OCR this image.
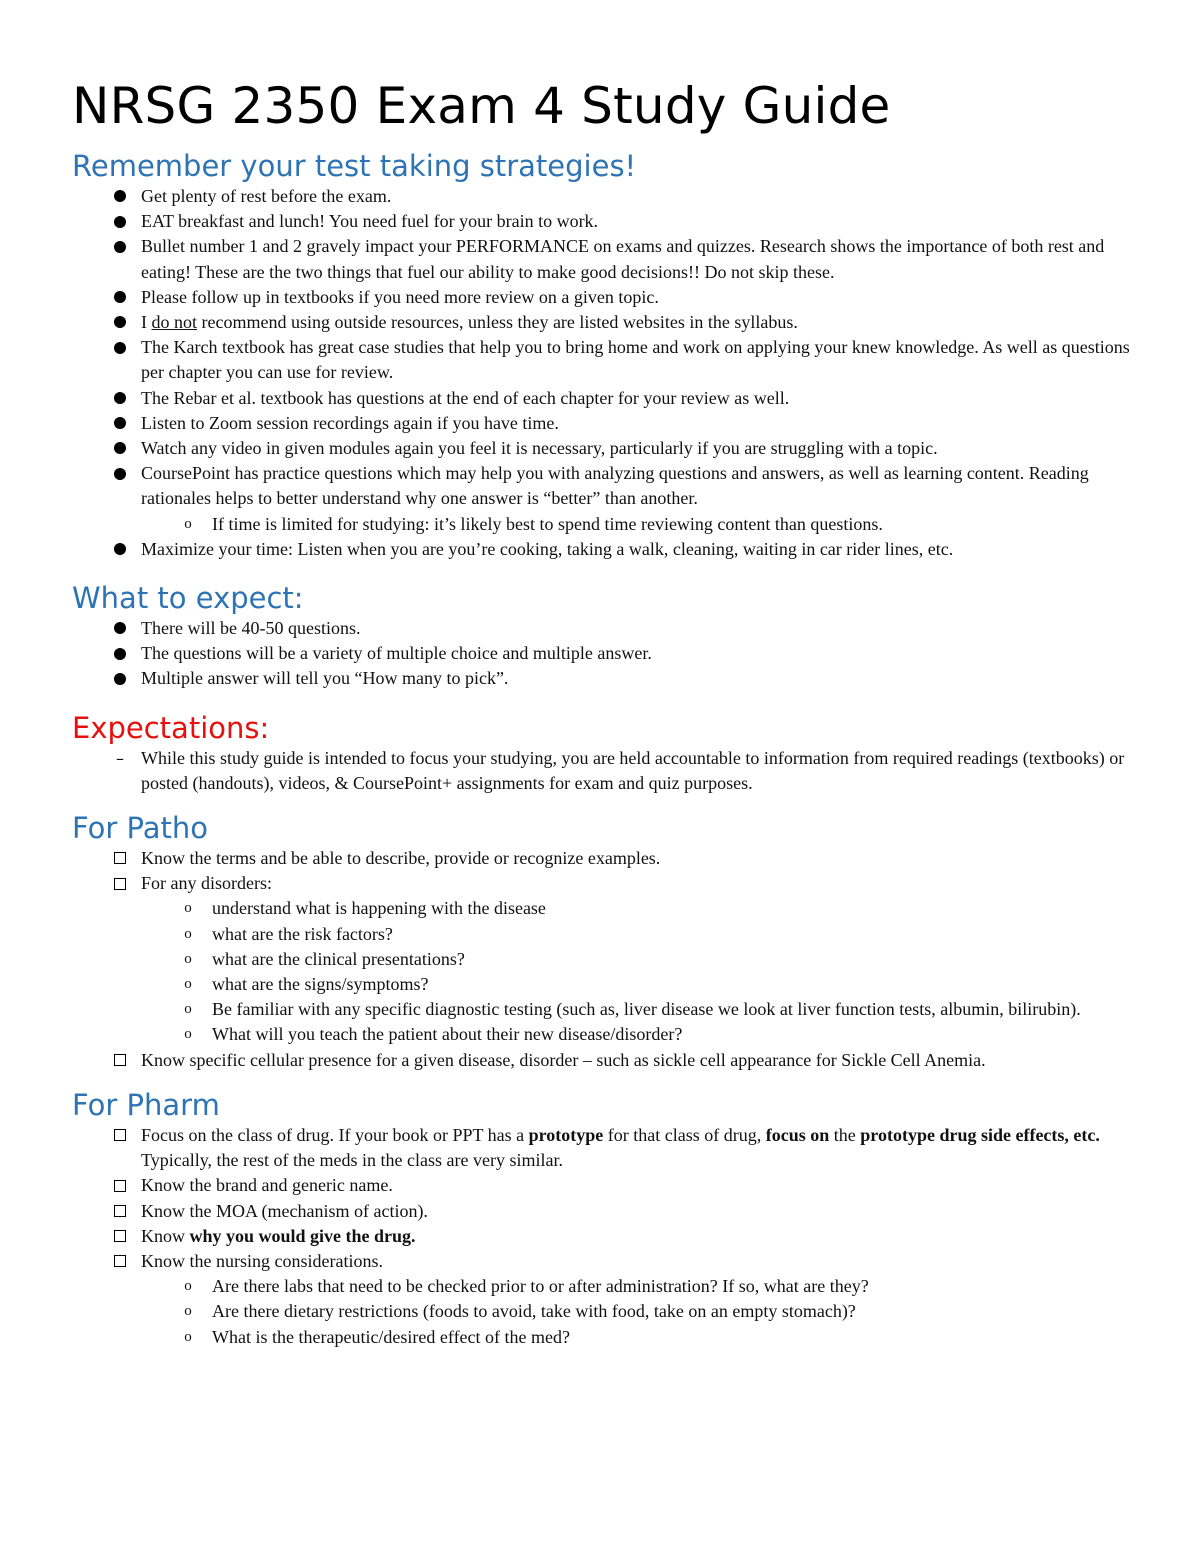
NRSG 2350 Exam 4 Study Guide
Remember your test taking strategies!
Get plenty of rest before the exam.
EAT breakfast and lunch! You need fuel for your brain to work.
Bullet number 1 and 2 gravely impact your PERFORMANCE on exams and quizzes. Research shows the importance of both rest and eating! These are the two things that fuel our ability to make good decisions!! Do not skip these.
Please follow up in textbooks if you need more review on a given topic.
I do not recommend using outside resources, unless they are listed websites in the syllabus.
The Karch textbook has great case studies that help you to bring home and work on applying your knew knowledge. As well as questions per chapter you can use for review.
The Rebar et al. textbook has questions at the end of each chapter for your review as well.
Listen to Zoom session recordings again if you have time.
Watch any video in given modules again you feel it is necessary, particularly if you are struggling with a topic.
CoursePoint has practice questions which may help you with analyzing questions and answers, as well as learning content. Reading rationales helps to better understand why one answer is “better” than another.
o	If time is limited for studying: it’s likely best to spend time reviewing content than questions.
Maximize your time: Listen when you are you’re cooking, taking a walk, cleaning, waiting in car rider lines, etc.
What to expect:
There will be 40-50 questions.
The questions will be a variety of multiple choice and multiple answer.
Multiple answer will tell you “How many to pick”.
Expectations:
– While this study guide is intended to focus your studying, you are held accountable to information from required readings (textbooks) or posted (handouts), videos, & CoursePoint+ assignments for exam and quiz purposes.
For Patho
Know the terms and be able to describe, provide or recognize examples.
For any disorders:
o	understand what is happening with the disease
o	what are the risk factors?
o	what are the clinical presentations?
o	what are the signs/symptoms?
o	Be familiar with any specific diagnostic testing (such as, liver disease we look at liver function tests, albumin, bilirubin).
o	What will you teach the patient about their new disease/disorder?
Know specific cellular presence for a given disease, disorder – such as sickle cell appearance for Sickle Cell Anemia.
For Pharm
Focus on the class of drug. If your book or PPT has a prototype for that class of drug, focus on the prototype drug side effects, etc. Typically, the rest of the meds in the class are very similar.
Know the brand and generic name.
Know the MOA (mechanism of action).
Know why you would give the drug.
Know the nursing considerations.
o	Are there labs that need to be checked prior to or after administration? If so, what are they?
o	Are there dietary restrictions (foods to avoid, take with food, take on an empty stomach)?
o	What is the therapeutic/desired effect of the med?
